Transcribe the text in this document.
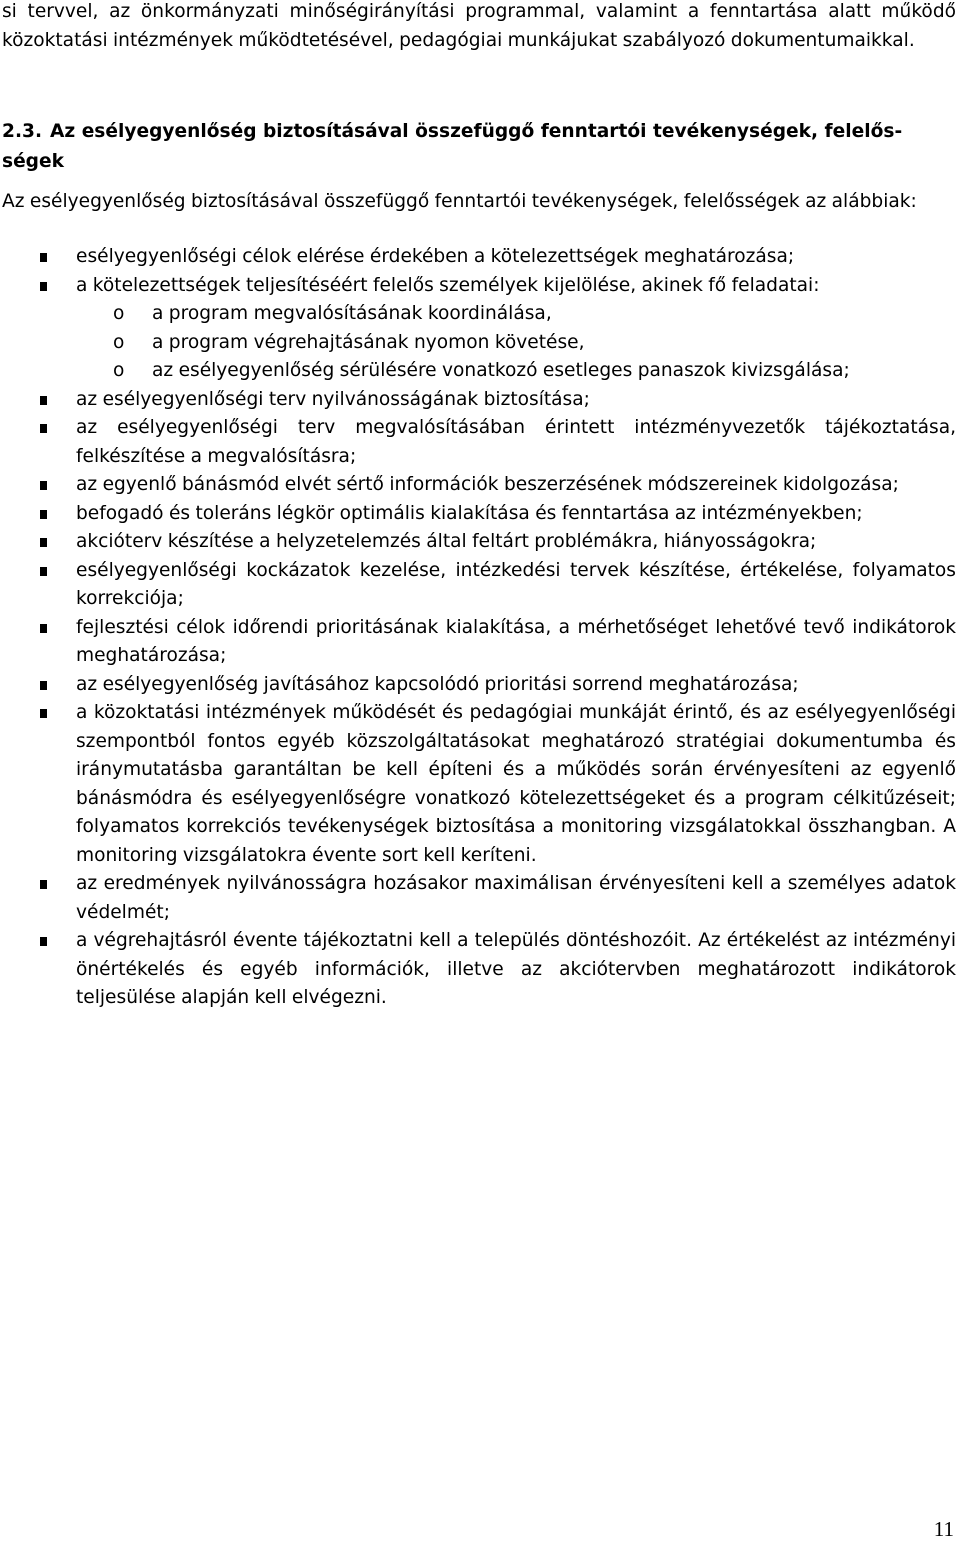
si tervvel, az önkormányzati minőségirányítási programmal, valamint a fenntartása alatt működő közoktatási intézmények működtetésével, pedagógiai munkájukat szabályozó dokumentumaikkal.

2.3. Az esélyegyenlőség biztosításával összefüggő fenntartói tevékenységek, felelősségek

Az esélyegyenlőség biztosításával összefüggő fenntartói tevékenységek, felelősségek az alábbiak:

esélyegyenlőségi célok elérése érdekében a kötelezettségek meghatározása;
a kötelezettségek teljesítéséért felelős személyek kijelölése, akinek fő feladatai:
o a program megvalósításának koordinálása,
o a program végrehajtásának nyomon követése,
o az esélyegyenlőség sérülésére vonatkozó esetleges panaszok kivizsgálása;
az esélyegyenlőségi terv nyilvánosságának biztosítása;
az esélyegyenlőségi terv megvalósításában érintett intézményvezetők tájékoztatása, felkészítése a megvalósításra;
az egyenlő bánásmód elvét sértő információk beszerzésének módszereinek kidolgozása;
befogadó és toleráns légkör optimális kialakítása és fenntartása az intézményekben;
akcióterv készítése a helyzetelemzés által feltárt problémákra, hiányosságokra;
esélyegyenlőségi kockázatok kezelése, intézkedési tervek készítése, értékelése, folyamatos korrekciója;
fejlesztési célok időrendi prioritásának kialakítása, a mérhetőséget lehetővé tevő indikátorok meghatározása;
az esélyegyenlőség javításához kapcsolódó prioritási sorrend meghatározása;
a közoktatási intézmények működését és pedagógiai munkáját érintő, és az esélyegyenlőségi szempontból fontos egyéb közszolgáltatásokat meghatározó stratégiai dokumentumba és iránymutatásba garantáltan be kell építeni és a működés során érvényesíteni az egyenlő bánásmódra és esélyegyenlőségre vonatkozó kötelezettségeket és a program célkitűzéseit; folyamatos korrekciós tevékenységek biztosítása a monitoring vizsgálatokkal összhangban. A monitoring vizsgálatokra évente sort kell keríteni.
az eredmények nyilvánosságra hozásakor maximálisan érvényesíteni kell a személyes adatok védelmét;
a végrehajtásról évente tájékoztatni kell a település döntéshozóit. Az értékelést az intézményi önértékelés és egyéb információk, illetve az akciótervben meghatározott indikátorok teljesülése alapján kell elvégezni.
11
